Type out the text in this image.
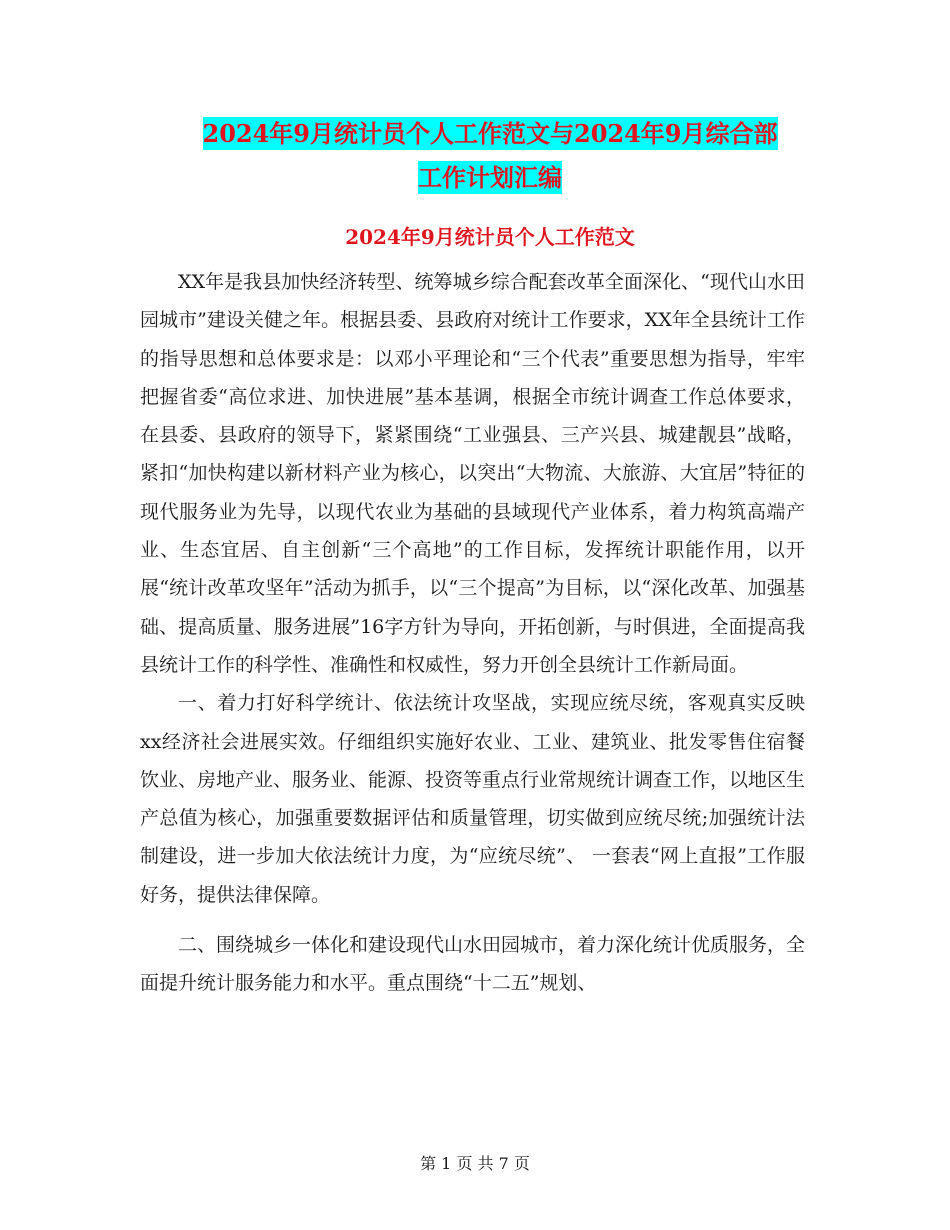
2024年9月统计员个人工作范文与2024年9月综合部
工作计划汇编
2024年9月统计员个人工作范文

XX年是我县加快经济转型、统筹城乡综合配套改革全面深化、“现代山水田园城市”建设关健之年。根据县委、县政府对统计工作要求，XX年全县统计工作的指导思想和总体要求是：以邓小平理论和“三个代表”重要思想为指导，牢牢把握省委“高位求进、加快进展”基本基调，根据全市统计调查工作总体要求，在县委、县政府的领导下，紧紧围绕“工业强县、三产兴县、城建靓县”战略，紧扣“加快构建以新材料产业为核心，以突出“大物流、大旅游、大宜居”特征的现代服务业为先导，以现代农业为基础的县域现代产业体系，着力构筑高端产业、生态宜居、自主创新“三个高地”的工作目标，发挥统计职能作用，以开展“统计改革攻坚年”活动为抓手，以“三个提高”为目标，以“深化改革、加强基础、提高质量、服务进展”16字方针为导向，开拓创新，与时俱进，全面提高我县统计工作的科学性、准确性和权威性，努力开创全县统计工作新局面。

一、着力打好科学统计、依法统计攻坚战，实现应统尽统，客观真实反映xx经济社会进展实效。仔细组织实施好农业、工业、建筑业、批发零售住宿餐饮业、房地产业、服务业、能源、投资等重点行业常规统计调查工作，以地区生产总值为核心，加强重要数据评估和质量管理，切实做到应统尽统;加强统计法制建设，进一步加大依法统计力度，为“应统尽统”、 一套表“网上直报”工作服好务，提供法律保障。

二、围绕城乡一体化和建设现代山水田园城市，着力深化统计优质服务，全面提升统计服务能力和水平。重点围绕“十二五”规划、

第 1 页 共 7 页
